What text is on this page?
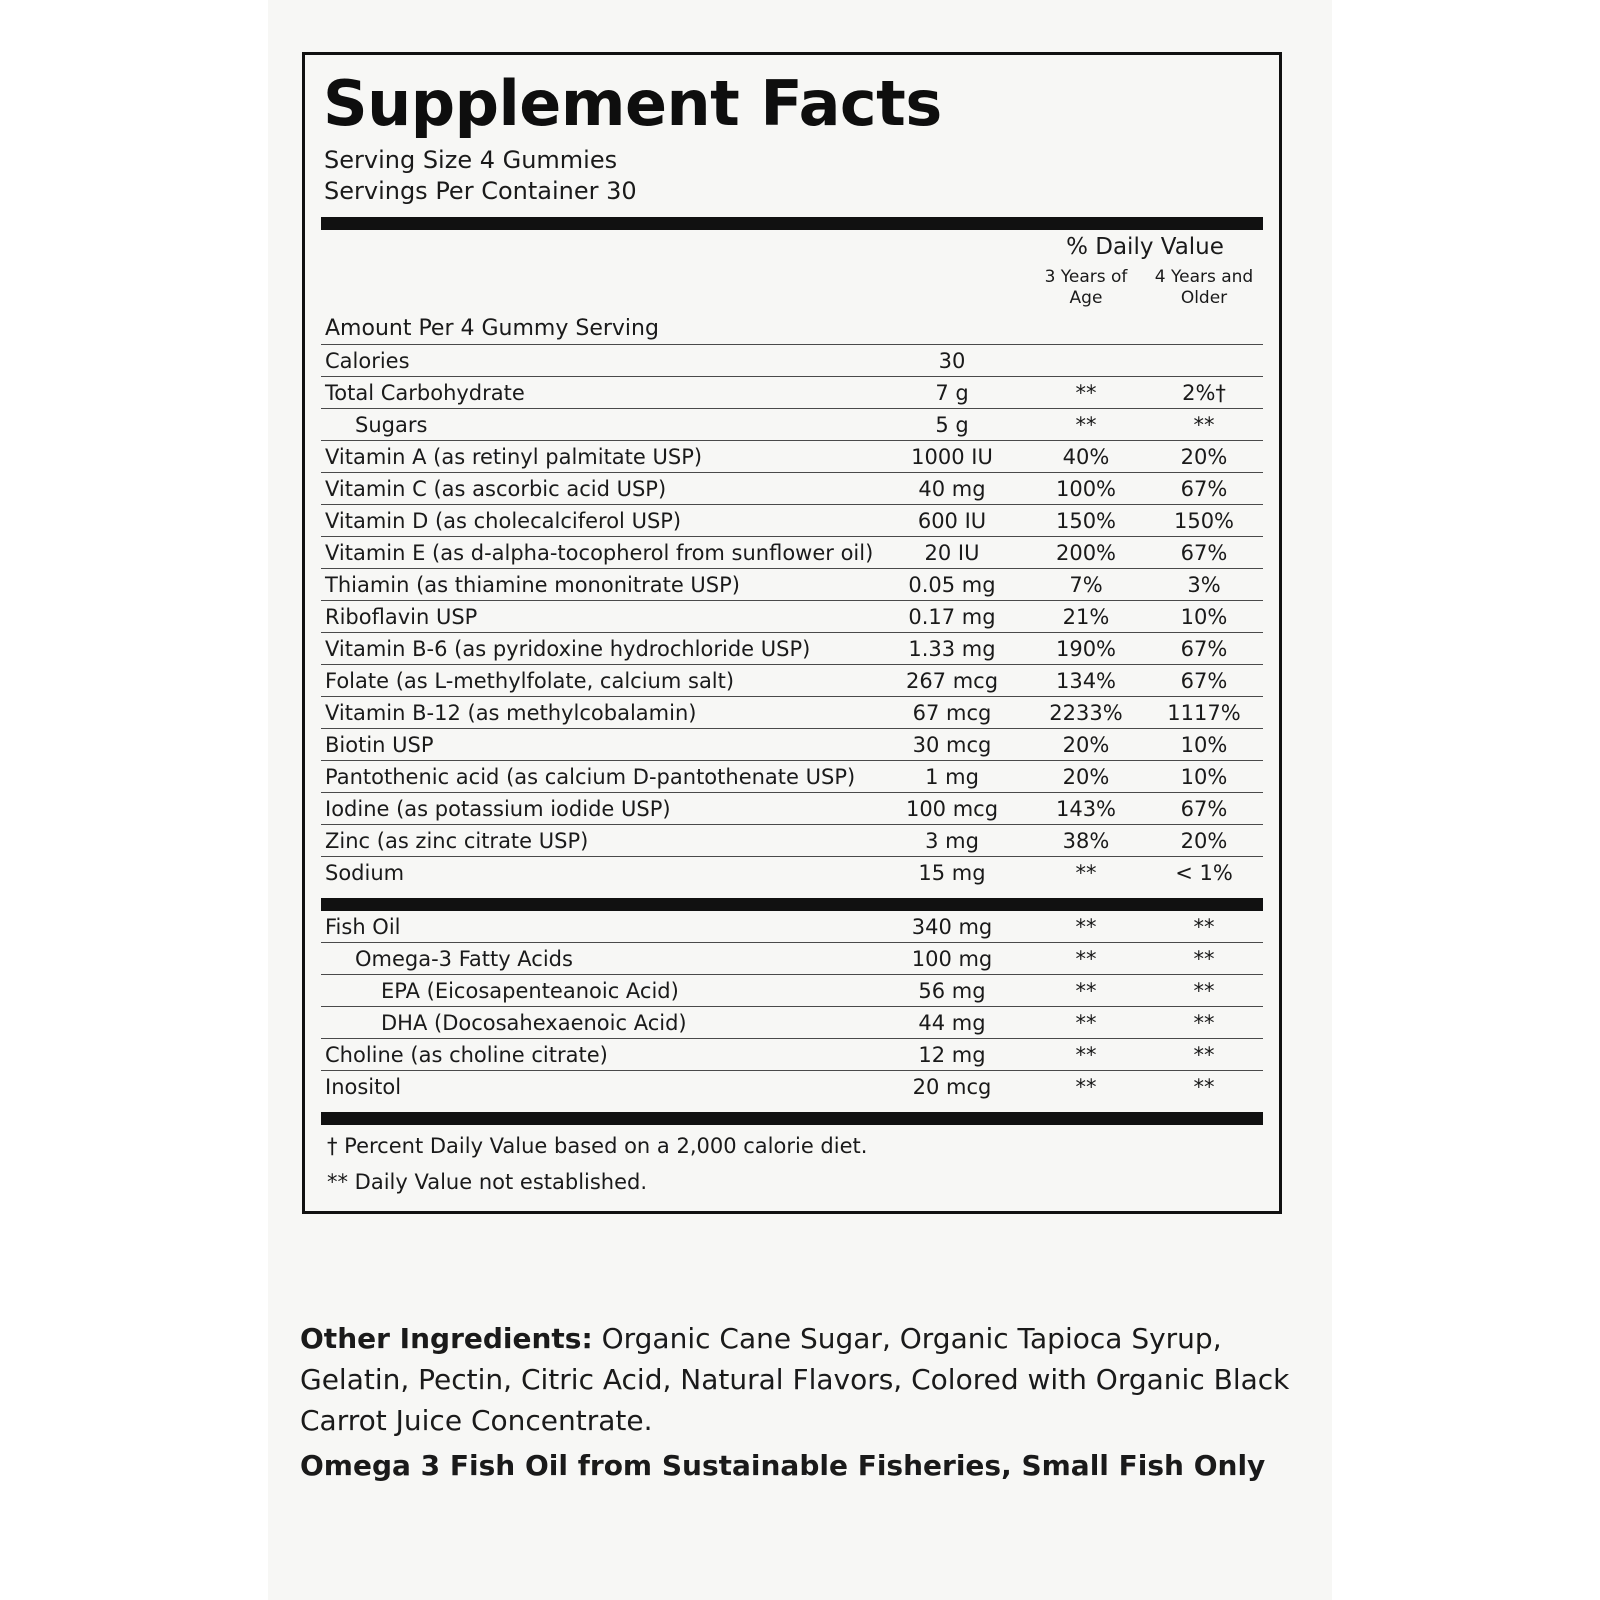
Supplement Facts
Serving Size 4 Gummies
Servings Per Container 30
		% Daily Value	

3 Years of
Age

4 Years and
Older

Amount Per 4 Gummy Serving			
Calories	30		
Total Carbohydrate	7 g	**	2%†
Sugars	5 g	**	**
Vitamin A (as retinyl palmitate USP)	1000 IU	40%	20%
Vitamin C (as ascorbic acid USP)	40 mg	100%	67%
Vitamin D (as cholecalciferol USP)	600 IU	150%	150%
Vitamin E (as d-alpha-tocopherol from sunflower oil)	20 IU	200%	67%
Thiamin (as thiamine mononitrate USP)	0.05 mg	7%	3%
Riboflavin USP	0.17 mg	21%	10%
Vitamin B-6 (as pyridoxine hydrochloride USP)	1.33 mg	190%	67%
Folate (as L-methylfolate, calcium salt)	267 mcg	134%	67%
Vitamin B-12 (as methylcobalamin)	67 mcg	2233%	1117%
Biotin USP	30 mcg	20%	10%
Pantothenic acid (as calcium D-pantothenate USP)	1 mg	20%	10%
Iodine (as potassium iodide USP)	100 mcg	143%	67%
Zinc (as zinc citrate USP)	3 mg	38%	20%
Sodium	15 mg	**	< 1%
Fish Oil	340 mg	**	**
Omega-3 Fatty Acids	100 mg	**	**
EPA (Eicosapenteanoic Acid)	56 mg	**	**
DHA (Docosahexaenoic Acid)	44 mg	**	**
Choline (as choline citrate)	12 mg	**	**
Inositol	20 mcg	**	**
† Percent Daily Value based on a 2,000 calorie diet.
** Daily Value not established.
Other Ingredients: Organic Cane Sugar, Organic Tapioca Syrup, Gelatin, Pectin, Citric Acid, Natural Flavors, Colored with Organic Black Carrot Juice Concentrate.
Omega 3 Fish Oil from Sustainable Fisheries, Small Fish Only
